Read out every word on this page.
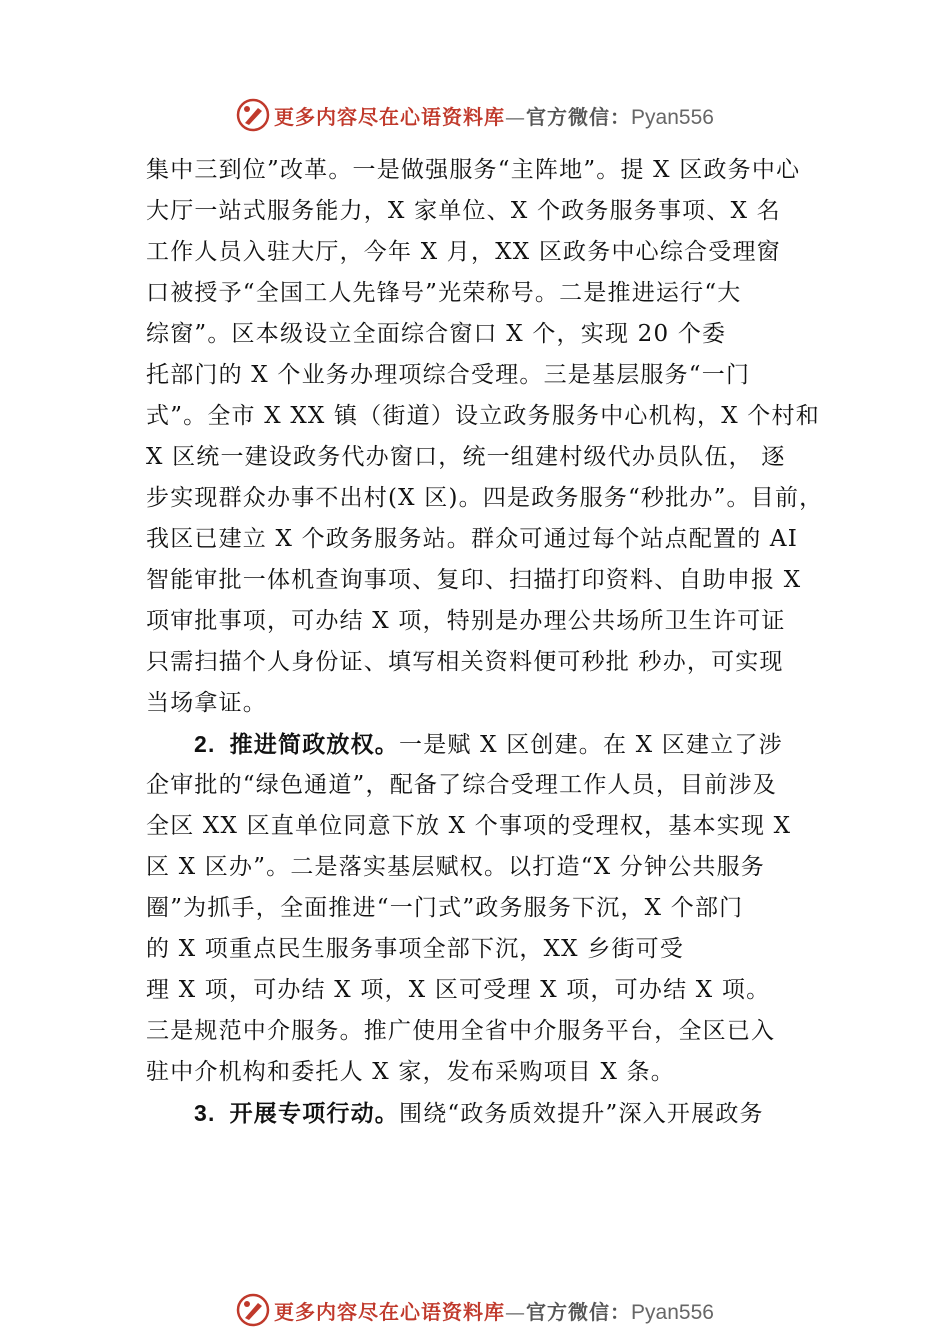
更多内容尽在心语资料库 — 官方微信： Pyan556
集中三到位”改革。一是做强服务“主阵地”。提 X 区政务中心
大厅一站式服务能力，X 家单位、X 个政务服务事项、X 名
工作人员入驻大厅，今年 X 月，XX 区政务中心综合受理窗
口被授予“全国工人先锋号”光荣称号。二是推进运行“大
综窗”。区本级设立全面综合窗口 X 个，实现 20 个委
托部门的 X 个业务办理项综合受理。三是基层服务“一门
式”。全市 X XX 镇（街道）设立政务服务中心机构，X 个村和
X 区统一建设政务代办窗口，统一组建村级代办员队伍， 逐
步实现群众办事不出村(X 区)。四是政务服务“秒批办”。目前，
我区已建立 X 个政务服务站。群众可通过每个站点配置的 AI
智能审批一体机查询事项、复印、扫描打印资料、自助申报 X
项审批事项，可办结 X 项，特别是办理公共场所卫生许可证
只需扫描个人身份证、填写相关资料便可秒批 秒办，可实现
当场拿证。
2. 推进简政放权。一是赋 X 区创建。在 X 区建立了涉
企审批的“绿色通道”，配备了综合受理工作人员，目前涉及
全区 XX 区直单位同意下放 X 个事项的受理权，基本实现 X
区 X 区办”。二是落实基层赋权。以打造“X 分钟公共服务
圈”为抓手，全面推进“一门式”政务服务下沉，X 个部门
的 X 项重点民生服务事项全部下沉，XX 乡街可受
理 X 项，可办结 X 项，X 区可受理 X 项，可办结 X 项。
三是规范中介服务。推广使用全省中介服务平台，全区已入
驻中介机构和委托人 X 家，发布采购项目 X 条。
3. 开展专项行动。围绕“政务质效提升”深入开展政务
更多内容尽在心语资料库 — 官方微信： Pyan556
